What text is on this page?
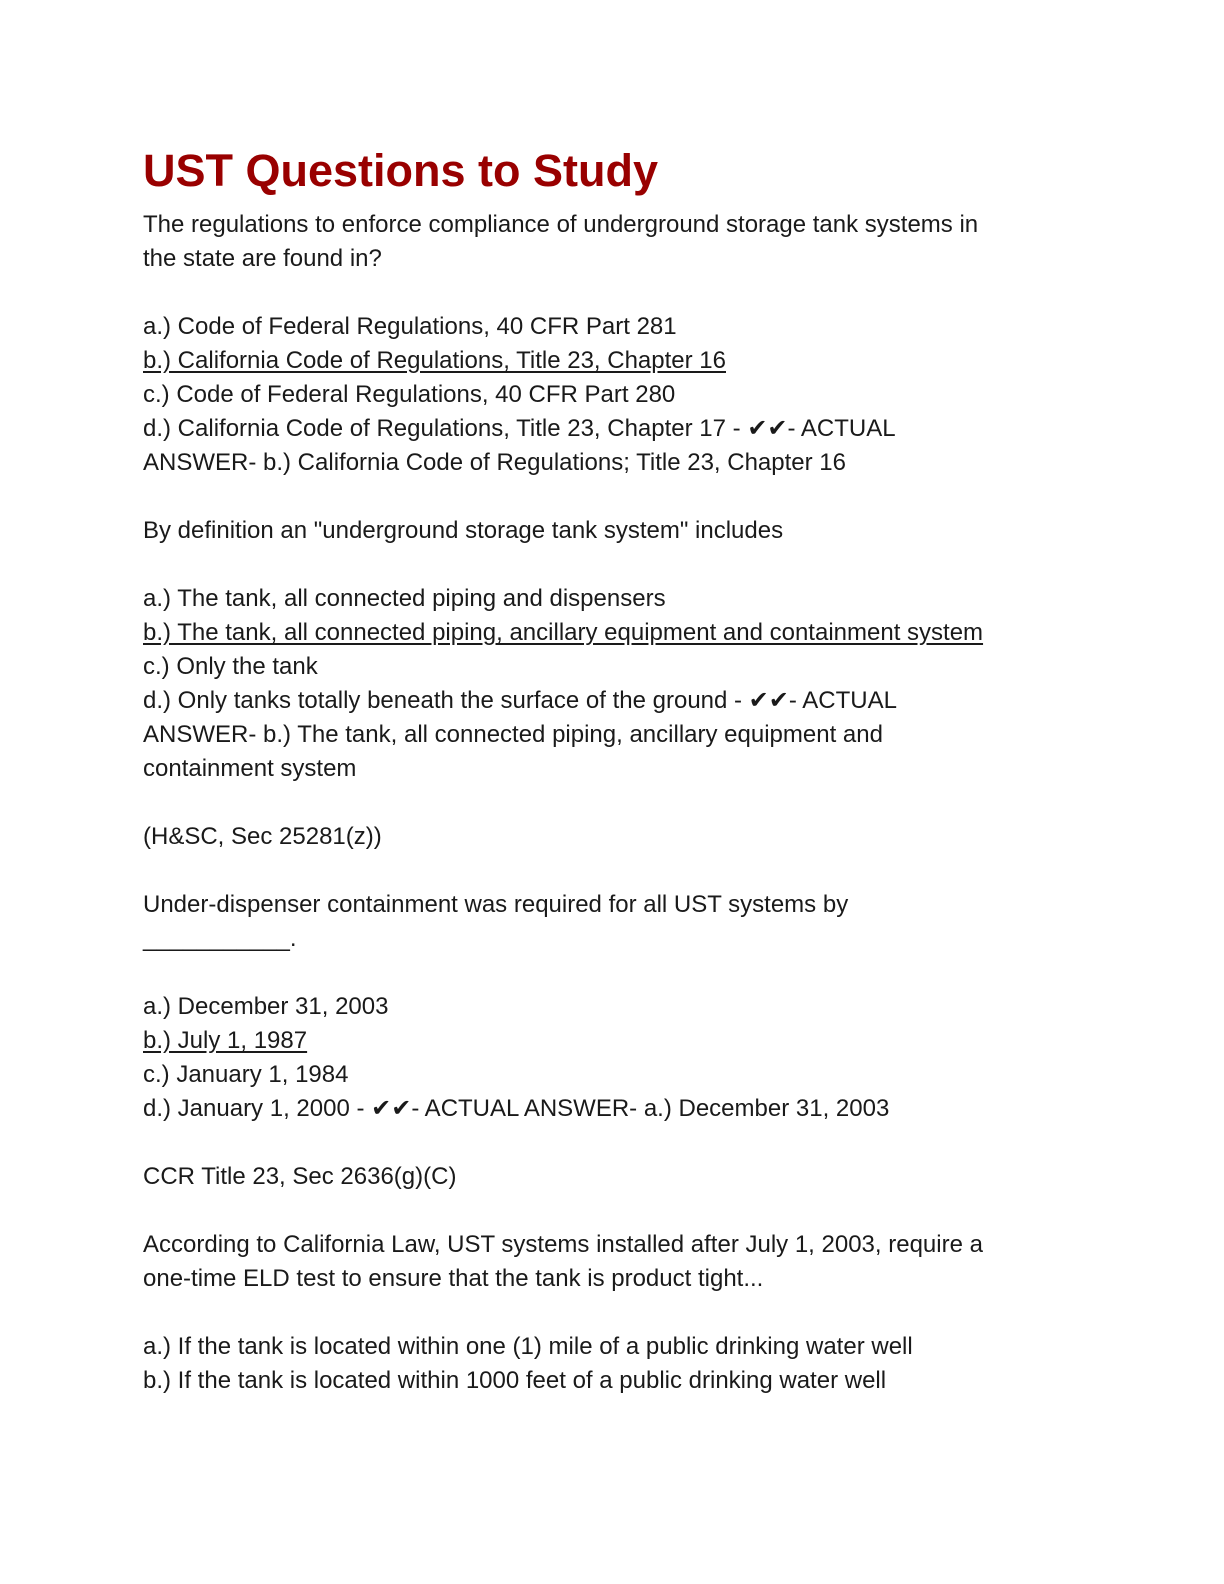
UST Questions to Study
The regulations to enforce compliance of underground storage tank systems in
the state are found in?
a.) Code of Federal Regulations, 40 CFR Part 281
b.) California Code of Regulations, Title 23, Chapter 16
c.) Code of Federal Regulations, 40 CFR Part 280
d.) California Code of Regulations, Title 23, Chapter 17 - ✔✔- ACTUAL
ANSWER- b.) California Code of Regulations; Title 23, Chapter 16
By definition an "underground storage tank system" includes
a.) The tank, all connected piping and dispensers
b.) The tank, all connected piping, ancillary equipment and containment system
c.) Only the tank
d.) Only tanks totally beneath the surface of the ground - ✔✔- ACTUAL
ANSWER- b.) The tank, all connected piping, ancillary equipment and
containment system
(H&SC, Sec 25281(z))
Under-dispenser containment was required for all UST systems by
___________.
a.) December 31, 2003
b.) July 1, 1987
c.) January 1, 1984
d.) January 1, 2000 - ✔✔- ACTUAL ANSWER- a.) December 31, 2003
CCR Title 23, Sec 2636(g)(C)
According to California Law, UST systems installed after July 1, 2003, require a
one-time ELD test to ensure that the tank is product tight...
a.) If the tank is located within one (1) mile of a public drinking water well
b.) If the tank is located within 1000 feet of a public drinking water well
